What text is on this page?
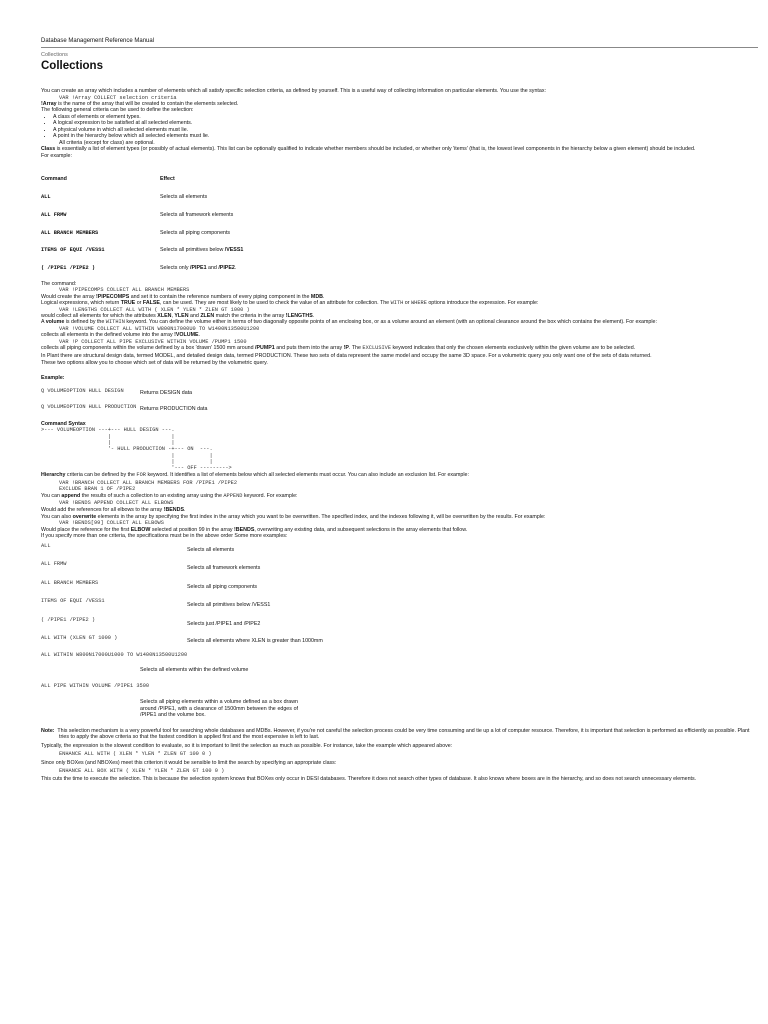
Database Management Reference Manual
Collections
Collections

You can create an array which includes a number of elements which all satisfy specific selection criteria, as defined by yourself. This is a useful way of collecting information on particular elements. You use the syntax:

VAR !Array COLLECT selection criteria

!Array is the name of the array that will be created to contain the elements selected.

The following general criteria can be used to define the selection:

• A class of elements or element types.
• A logical expression to be satisfied at all selected elements.
• A physical volume in which all selected elements must lie.
• A point in the hierarchy below which all selected elements must lie.

All criteria (except for class) are optional.

Class is essentially a list of element types (or possibly of actual elements). This list can be optionally qualified to indicate whether members should be included, or whether only 'items' (that is, the lowest level components in the hierarchy below a given element) should be included.

For example:

Command	Effect
ALL	Selects all elements
ALL FRMW	Selects all framework elements
ALL BRANCH MEMBERS	Selects all piping components
ITEMS OF EQUI /VESS1	Selects all primitives below /VESS1
( /PIPE1 /PIPE2 )	Selects only /PIPE1 and /PIPE2.

The command:

VAR !PIPECOMPS COLLECT ALL BRANCH MEMBERS

Would create the array !PIPECOMPS and set it to contain the reference numbers of every piping component in the MDB.

Logical expressions, which return TRUE or FALSE, can be used. They are most likely to be used to check the value of an attribute for collection. The WITH or WHERE options introduce the expression. For example:

VAR !LENGTHS COLLECT ALL WITH ( XLEN * YLEN * ZLEN GT 1000 )

would collect all elements for which the attributes XLEN, YLEN and ZLEN match the criteria in the array !LENGTHS.

A volume is defined by the WITHIN keyword. You can define the volume either in terms of two diagonally opposite points of an enclosing box, or as a volume around an element (with an optional clearance around the box which contains the element). For example:

VAR !VOLUME COLLECT ALL WITHIN W800N17000U0 TO W1400N13500U1200

collects all elements in the defined volume into the array !VOLUME.

VAR !P COLLECT ALL PIPE EXCLUSIVE WITHIN VOLUME /PUMP1 1500

collects all piping components within the volume defined by a box 'drawn' 1500 mm around /PUMP1 and puts them into the array !P. The EXCLUSIVE keyword indicates that only the chosen elements exclusively within the given volume are to be selected.

In Plant there are structural design data, termed MODEL, and detailed design data, termed PRODUCTION. These two sets of data represent the same model and occupy the same 3D space. For a volumetric query you only want one of the sets of data returned.

These two options allow you to choose which set of data will be returned by the volumetric query.

Example:

Q VOLUMEOPTION HULL DESIGN	Returns DESIGN data
Q VOLUMEOPTION HULL PRODUCTION Returns PRODUCTION data

Command Syntax

>--- VOLUMEOPTION ---+--- HULL DESIGN ---.
|                   |
|                   |
'- HULL PRODUCTION -+--- ON  ---.
|           |
|           |
'--- OFF --------->

Hierarchy criteria can be defined by the FOR keyword. It identifies a list of elements below which all selected elements must occur. You can also include an exclusion list. For example:

VAR !BRANCH COLLECT ALL BRANCH MEMBERS FOR /PIPE1 /PIPE2
EXCLUDE BRAN 1 OF /PIPE2

You can append the results of such a collection to an existing array using the APPEND keyword. For example:

VAR !BENDS APPEND COLLECT ALL ELBOWS

Would add the references for all elbows to the array !BENDS.

You can also overwrite elements in the array by specifying the first index in the array which you want to be overwritten. The specified index, and the indexes following it, will be overwritten by the results. For example:

VAR !BENDS[99] COLLECT ALL ELBOWS

Would place the reference for the first ELBOW selected at position 99 in the array !BENDS, overwriting any existing data, and subsequent selections in the array elements that follow.

If you specify more than one criteria, the specifications must be in the above order Some more examples:

ALL
Selects all elements
ALL FRMW
Selects all framework elements
ALL BRANCH MEMBERS
Selects all piping components
ITEMS OF EQUI /VESS1
Selects all primitives below /VESS1
( /PIPE1 /PIPE2 )
Selects just /PIPE1 and /PIPE2
ALL WITH (XLEN GT 1000 )	Selects all elements where XLEN is greater than 1000mm
ALL WITHIN W800N17000U1000 TO W1400N13500U1200
Selects all elements within the defined volume
ALL PIPE WITHIN VOLUME /PIPE1 3500
Selects all piping elements within a volume defined as a box drawn around /PIPE1, with a clearance of 1500mm between the edges of /PIPE1 and the volume box.

Note: This selection mechanism is a very powerful tool for searching whole databases and MDBs. However, if you're not careful the selection process could be very time consuming and tie up a lot of computer resource. Therefore, it is important that selection is performed as efficiently as possible. Plant tries to apply the above criteria so that the fastest condition is applied first and the most expensive is left to last.

Typically, the expression is the slowest condition to evaluate, so it is important to limit the selection as much as possible. For instance, take the example which appeared above:

ENHANCE ALL WITH ( XLEN * YLEN * ZLEN GT 100 0 )

Since only BOXes (and NBOXes) meet this criterion it would be sensible to limit the search by specifying an appropriate class:

ENHANCE ALL BOX WITH ( XLEN * YLEN * ZLEN GT 100 0 )

This cuts the time to execute the selection. This is because the selection system knows that BOXes only occur in DESI databases. Therefore it does not search other types of database. It also knows where boxes are in the hierarchy, and so does not search unnecessary elements.
